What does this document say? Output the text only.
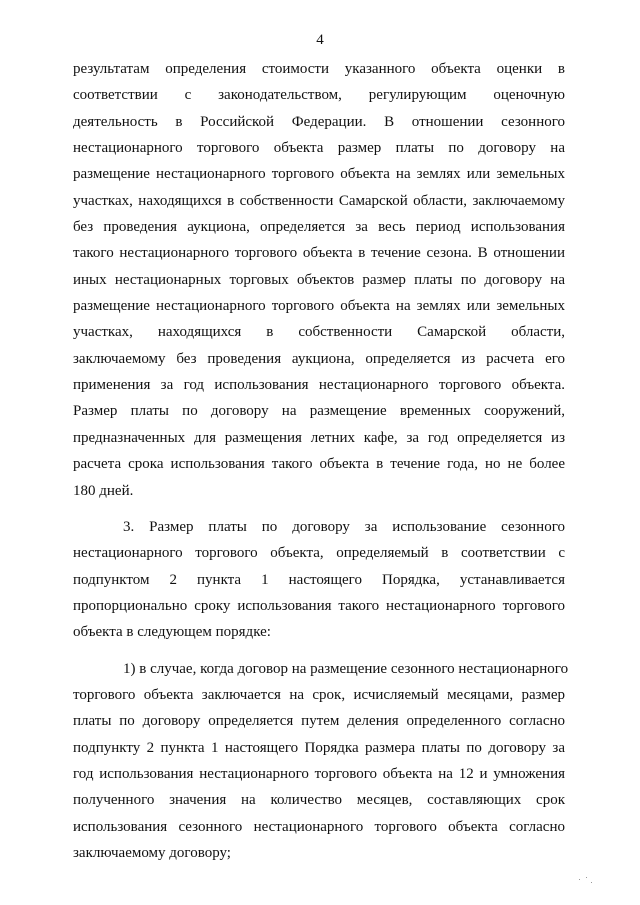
4
результатам определения стоимости указанного объекта оценки в
соответствии с законодательством, регулирующим оценочную
деятельность в Российской Федерации. В отношении сезонного
нестационарного торгового объекта размер платы по договору на
размещение нестационарного торгового объекта на землях или земельных
участках, находящихся в собственности Самарской области, заключаемому
без проведения аукциона, определяется за весь период использования
такого нестационарного торгового объекта в течение сезона. В отношении
иных нестационарных торговых объектов размер платы по договору на
размещение нестационарного торгового объекта на землях или земельных
участках, находящихся в собственности Самарской области,
заключаемому без проведения аукциона, определяется из расчета его
применения за год использования нестационарного торгового объекта.
Размер платы по договору на размещение временных сооружений,
предназначенных для размещения летних кафе, за год определяется из
расчета срока использования такого объекта в течение года, но не более
180 дней.
3. Размер платы по договору за использование сезонного
нестационарного торгового объекта, определяемый в соответствии с
подпунктом 2 пункта 1 настоящего Порядка, устанавливается
пропорционально сроку использования такого нестационарного торгового
объекта в следующем порядке:
1) в случае, когда договор на размещение сезонного нестационарного
торгового объекта заключается на срок, исчисляемый месяцами, размер
платы по договору определяется путем деления определенного согласно
подпункту 2 пункта 1 настоящего Порядка размера платы по договору за
год использования нестационарного торгового объекта на 12 и умножения
полученного значения на количество месяцев, составляющих срок
использования сезонного нестационарного торгового объекта согласно
заключаемому договору;
